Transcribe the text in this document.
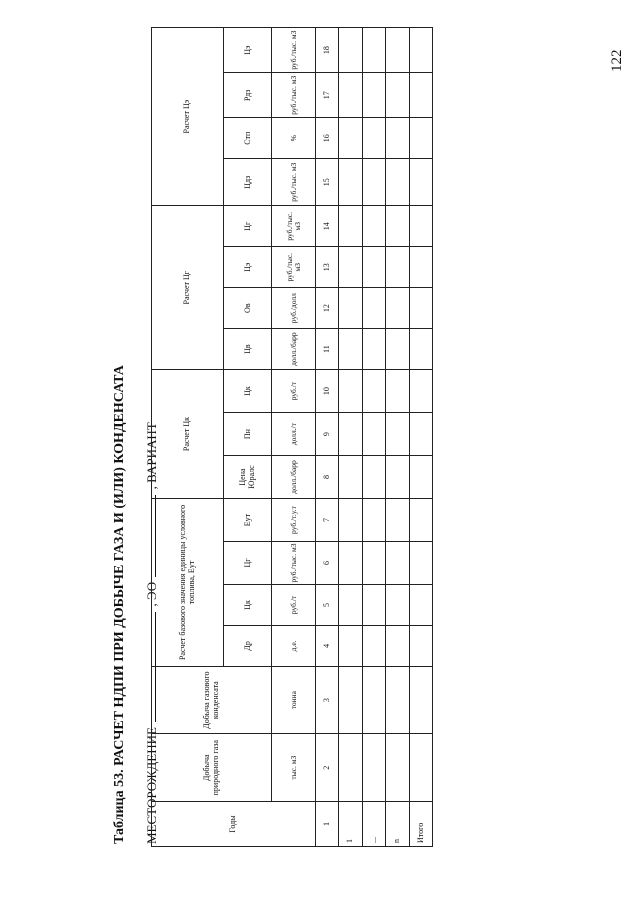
122
Таблица 53. РАСЧЕТ НДПИ ПРИ ДОБЫЧЕ ГАЗА И (ИЛИ) КОНДЕНСАТА МЕСТОРОЖДЕНИЕ  , ЭО  , ВАРИАНТ
Годы	Добыча природного газа	Добыча газового конденсата	Расчет базового значения единицы условного топлива, Еут				Расчет Цк			Расчет Цг				Расчет Цэ			
			Др	Цк	Цг	Еут	Цена Юралс	Пн	Цк	Цв	Ов	Цэ	Цг	Цдз	Стп	Рдз	Цэ
	тыс. м3	тонна	д.е.	руб./т	руб./тыс. м3	руб./т.у.т	долл./барр	долл./т	руб./т	долл./барр	руб./долл	руб./тыс. м3	руб./тыс. м3	руб./тыс. м3	%	руб./тыс. м3	руб./тыс. м3
1	2	3	4	5	6	7	8	9	10	11	12	13	14	15	16	17	18
1																	
...																	
n																	
Итого																	
